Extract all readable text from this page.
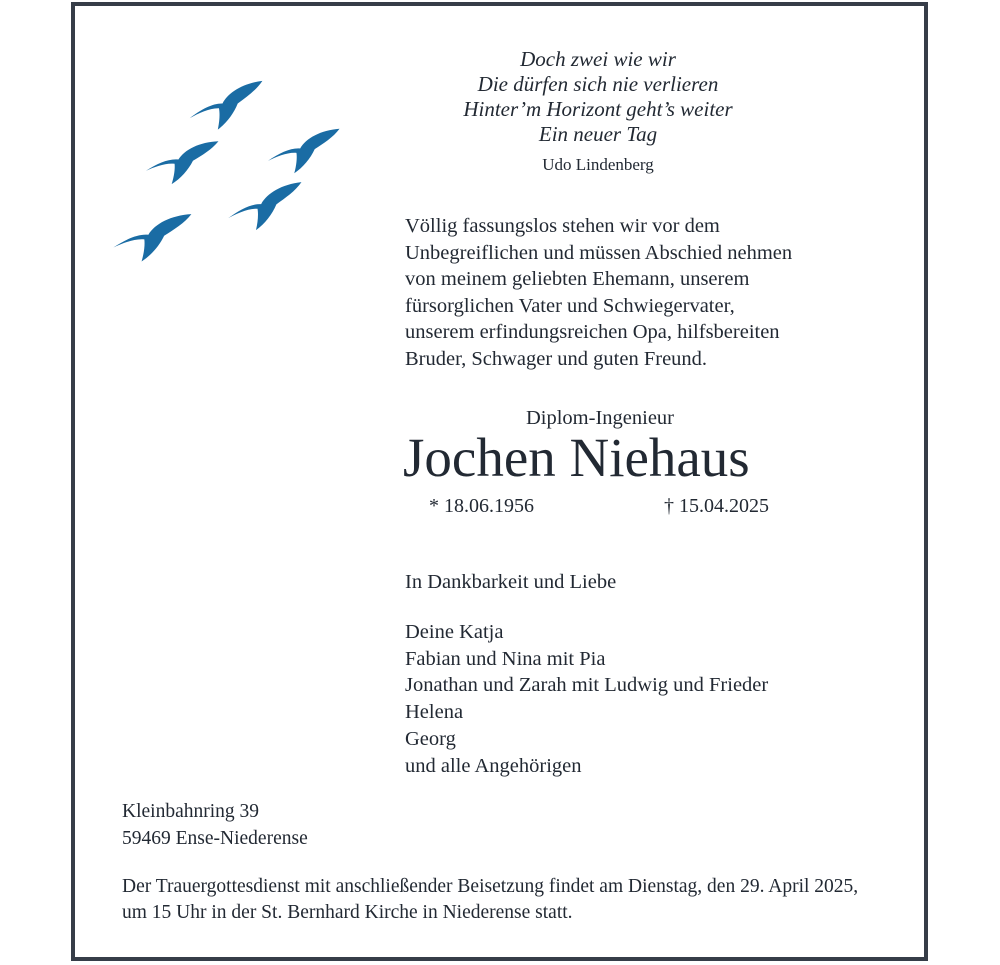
Doch zwei wie wir
Die dürfen sich nie verlieren
Hinter’m Horizont geht’s weiter
Ein neuer Tag
Udo Lindenberg
Völlig fassungslos stehen wir vor dem
Unbegreiflichen und müssen Abschied nehmen
von meinem geliebten Ehemann, unserem
fürsorglichen Vater und Schwiegervater,
unserem erfindungsreichen Opa, hilfsbereiten
Bruder, Schwager und guten Freund.
Diplom-Ingenieur
Jochen Niehaus
* 18.06.1956	† 15.04.2025
In Dankbarkeit und Liebe
Deine Katja
Fabian und Nina mit Pia
Jonathan und Zarah mit Ludwig und Frieder
Helena
Georg
und alle Angehörigen
Kleinbahnring 39
59469 Ense-Niederense
Der Trauergottesdienst mit anschließender Beisetzung findet am Dienstag, den 29. April 2025,
um 15 Uhr in der St. Bernhard Kirche in Niederense statt.
